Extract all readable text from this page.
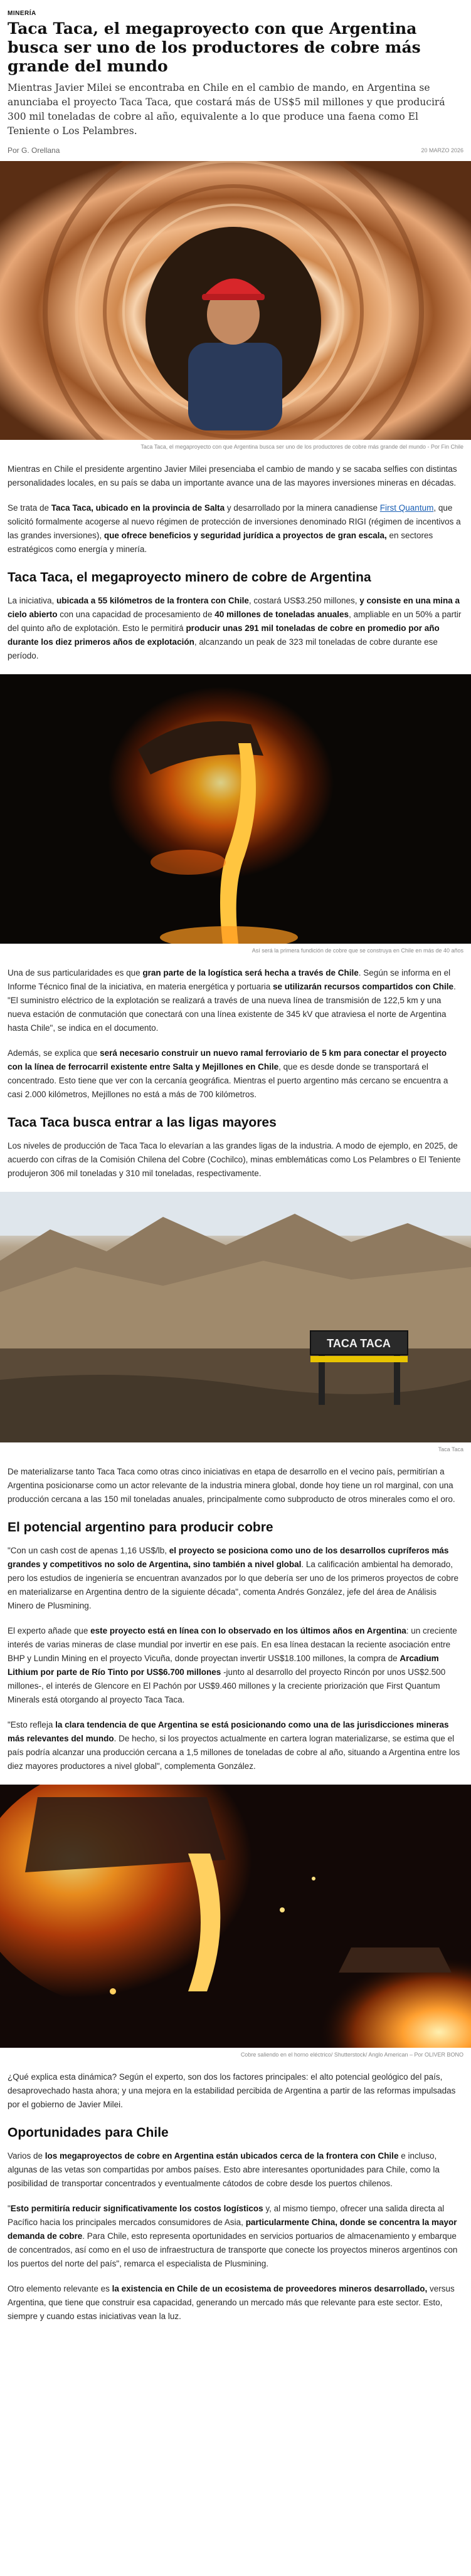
MINERÍA
Taca Taca, el megaproyecto con que Argentina busca ser uno de los productores de cobre más grande del mundo

Mientras Javier Milei se encontraba en Chile en el cambio de mando, en Argentina se anunciaba el proyecto Taca Taca, que costará más de US$5 mil millones y que producirá 300 mil toneladas de cobre al año, equivalente a lo que produce una faena como El Teniente o Los Pelambres.

Por G. Orellana	20 MARZO 2026
Taca Taca, el megaproyecto con que Argentina busca ser uno de los productores de cobre más grande del mundo - Por Fin Chile

Mientras en Chile el presidente argentino Javier Milei presenciaba el cambio de mando y se sacaba selfies con distintas personalidades locales, en su país se daba un importante avance una de las mayores inversiones mineras en décadas.

Se trata de Taca Taca, ubicado en la provincia de Salta y desarrollado por la minera canadiense First Quantum, que solicitó formalmente acogerse al nuevo régimen de protección de inversiones denominado RIGI (régimen de incentivos a las grandes inversiones), que ofrece beneficios y seguridad jurídica a proyectos de gran escala, en sectores estratégicos como energía y minería.

Taca Taca, el megaproyecto minero de cobre de Argentina

La iniciativa, ubicada a 55 kilómetros de la frontera con Chile, costará US$3.250 millones, y consiste en una mina a cielo abierto con una capacidad de procesamiento de 40 millones de toneladas anuales, ampliable en un 50% a partir del quinto año de explotación. Esto le permitirá producir unas 291 mil toneladas de cobre en promedio por año durante los diez primeros años de explotación, alcanzando un peak de 323 mil toneladas de cobre durante ese período.

Así será la primera fundición de cobre que se construya en Chile en más de 40 años

Una de sus particularidades es que gran parte de la logística será hecha a través de Chile. Según se informa en el Informe Técnico final de la iniciativa, en materia energética y portuaria se utilizarán recursos compartidos con Chile. "El suministro eléctrico de la explotación se realizará a través de una nueva línea de transmisión de 122,5 km y una nueva estación de conmutación que conectará con una línea existente de 345 kV que atraviesa el norte de Argentina hasta Chile", se indica en el documento.

Además, se explica que será necesario construir un nuevo ramal ferroviario de 5 km para conectar el proyecto con la línea de ferrocarril existente entre Salta y Mejillones en Chile, que es desde donde se transportará el concentrado. Esto tiene que ver con la cercanía geográfica. Mientras el puerto argentino más cercano se encuentra a casi 2.000 kilómetros, Mejillones no está a más de 700 kilómetros.

Taca Taca busca entrar a las ligas mayores

Los niveles de producción de Taca Taca lo elevarían a las grandes ligas de la industria. A modo de ejemplo, en 2025, de acuerdo con cifras de la Comisión Chilena del Cobre (Cochilco), minas emblemáticas como Los Pelambres o El Teniente produjeron 306 mil toneladas y 310 mil toneladas, respectivamente.

TACA TACA
Taca Taca

De materializarse tanto Taca Taca como otras cinco iniciativas en etapa de desarrollo en el vecino país, permitirían a Argentina posicionarse como un actor relevante de la industria minera global, donde hoy tiene un rol marginal, con una producción cercana a las 150 mil toneladas anuales, principalmente como subproducto de otros minerales como el oro.

El potencial argentino para producir cobre

"Con un cash cost de apenas 1,16 US$/lb, el proyecto se posiciona como uno de los desarrollos cupríferos más grandes y competitivos no solo de Argentina, sino también a nivel global. La calificación ambiental ha demorado, pero los estudios de ingeniería se encuentran avanzados por lo que debería ser uno de los primeros proyectos de cobre en materializarse en Argentina dentro de la siguiente década", comenta Andrés González, jefe del área de Análisis Minero de Plusmining.

El experto añade que este proyecto está en línea con lo observado en los últimos años en Argentina: un creciente interés de varias mineras de clase mundial por invertir en ese país. En esa línea destacan la reciente asociación entre BHP y Lundin Mining en el proyecto Vicuña, donde proyectan invertir US$18.100 millones, la compra de Arcadium Lithium por parte de Río Tinto por US$6.700 millones -junto al desarrollo del proyecto Rincón por unos US$2.500 millones-, el interés de Glencore en El Pachón por US$9.460 millones y la creciente priorización que First Quantum Minerals está otorgando al proyecto Taca Taca.

"Esto refleja la clara tendencia de que Argentina se está posicionando como una de las jurisdicciones mineras más relevantes del mundo. De hecho, si los proyectos actualmente en cartera logran materializarse, se estima que el país podría alcanzar una producción cercana a 1,5 millones de toneladas de cobre al año, situando a Argentina entre los diez mayores productores a nivel global", complementa González.

Cobre saliendo en el horno eléctrico/ Shutterstock/ Anglo American – Por OLIVER BONO

¿Qué explica esta dinámica? Según el experto, son dos los factores principales: el alto potencial geológico del país, desaprovechado hasta ahora; y una mejora en la estabilidad percibida de Argentina a partir de las reformas impulsadas por el gobierno de Javier Milei.

Oportunidades para Chile

Varios de los megaproyectos de cobre en Argentina están ubicados cerca de la frontera con Chile e incluso, algunas de las vetas son compartidas por ambos países. Esto abre interesantes oportunidades para Chile, como la posibilidad de transportar concentrados y eventualmente cátodos de cobre desde los puertos chilenos.

"Esto permitiría reducir significativamente los costos logísticos y, al mismo tiempo, ofrecer una salida directa al Pacífico hacia los principales mercados consumidores de Asia, particularmente China, donde se concentra la mayor demanda de cobre. Para Chile, esto representa oportunidades en servicios portuarios de almacenamiento y embarque de concentrados, así como en el uso de infraestructura de transporte que conecte los proyectos mineros argentinos con los puertos del norte del país", remarca el especialista de Plusmining.

Otro elemento relevante es la existencia en Chile de un ecosistema de proveedores mineros desarrollado, versus Argentina, que tiene que construir esa capacidad, generando un mercado más que relevante para este sector. Esto, siempre y cuando estas iniciativas vean la luz.
